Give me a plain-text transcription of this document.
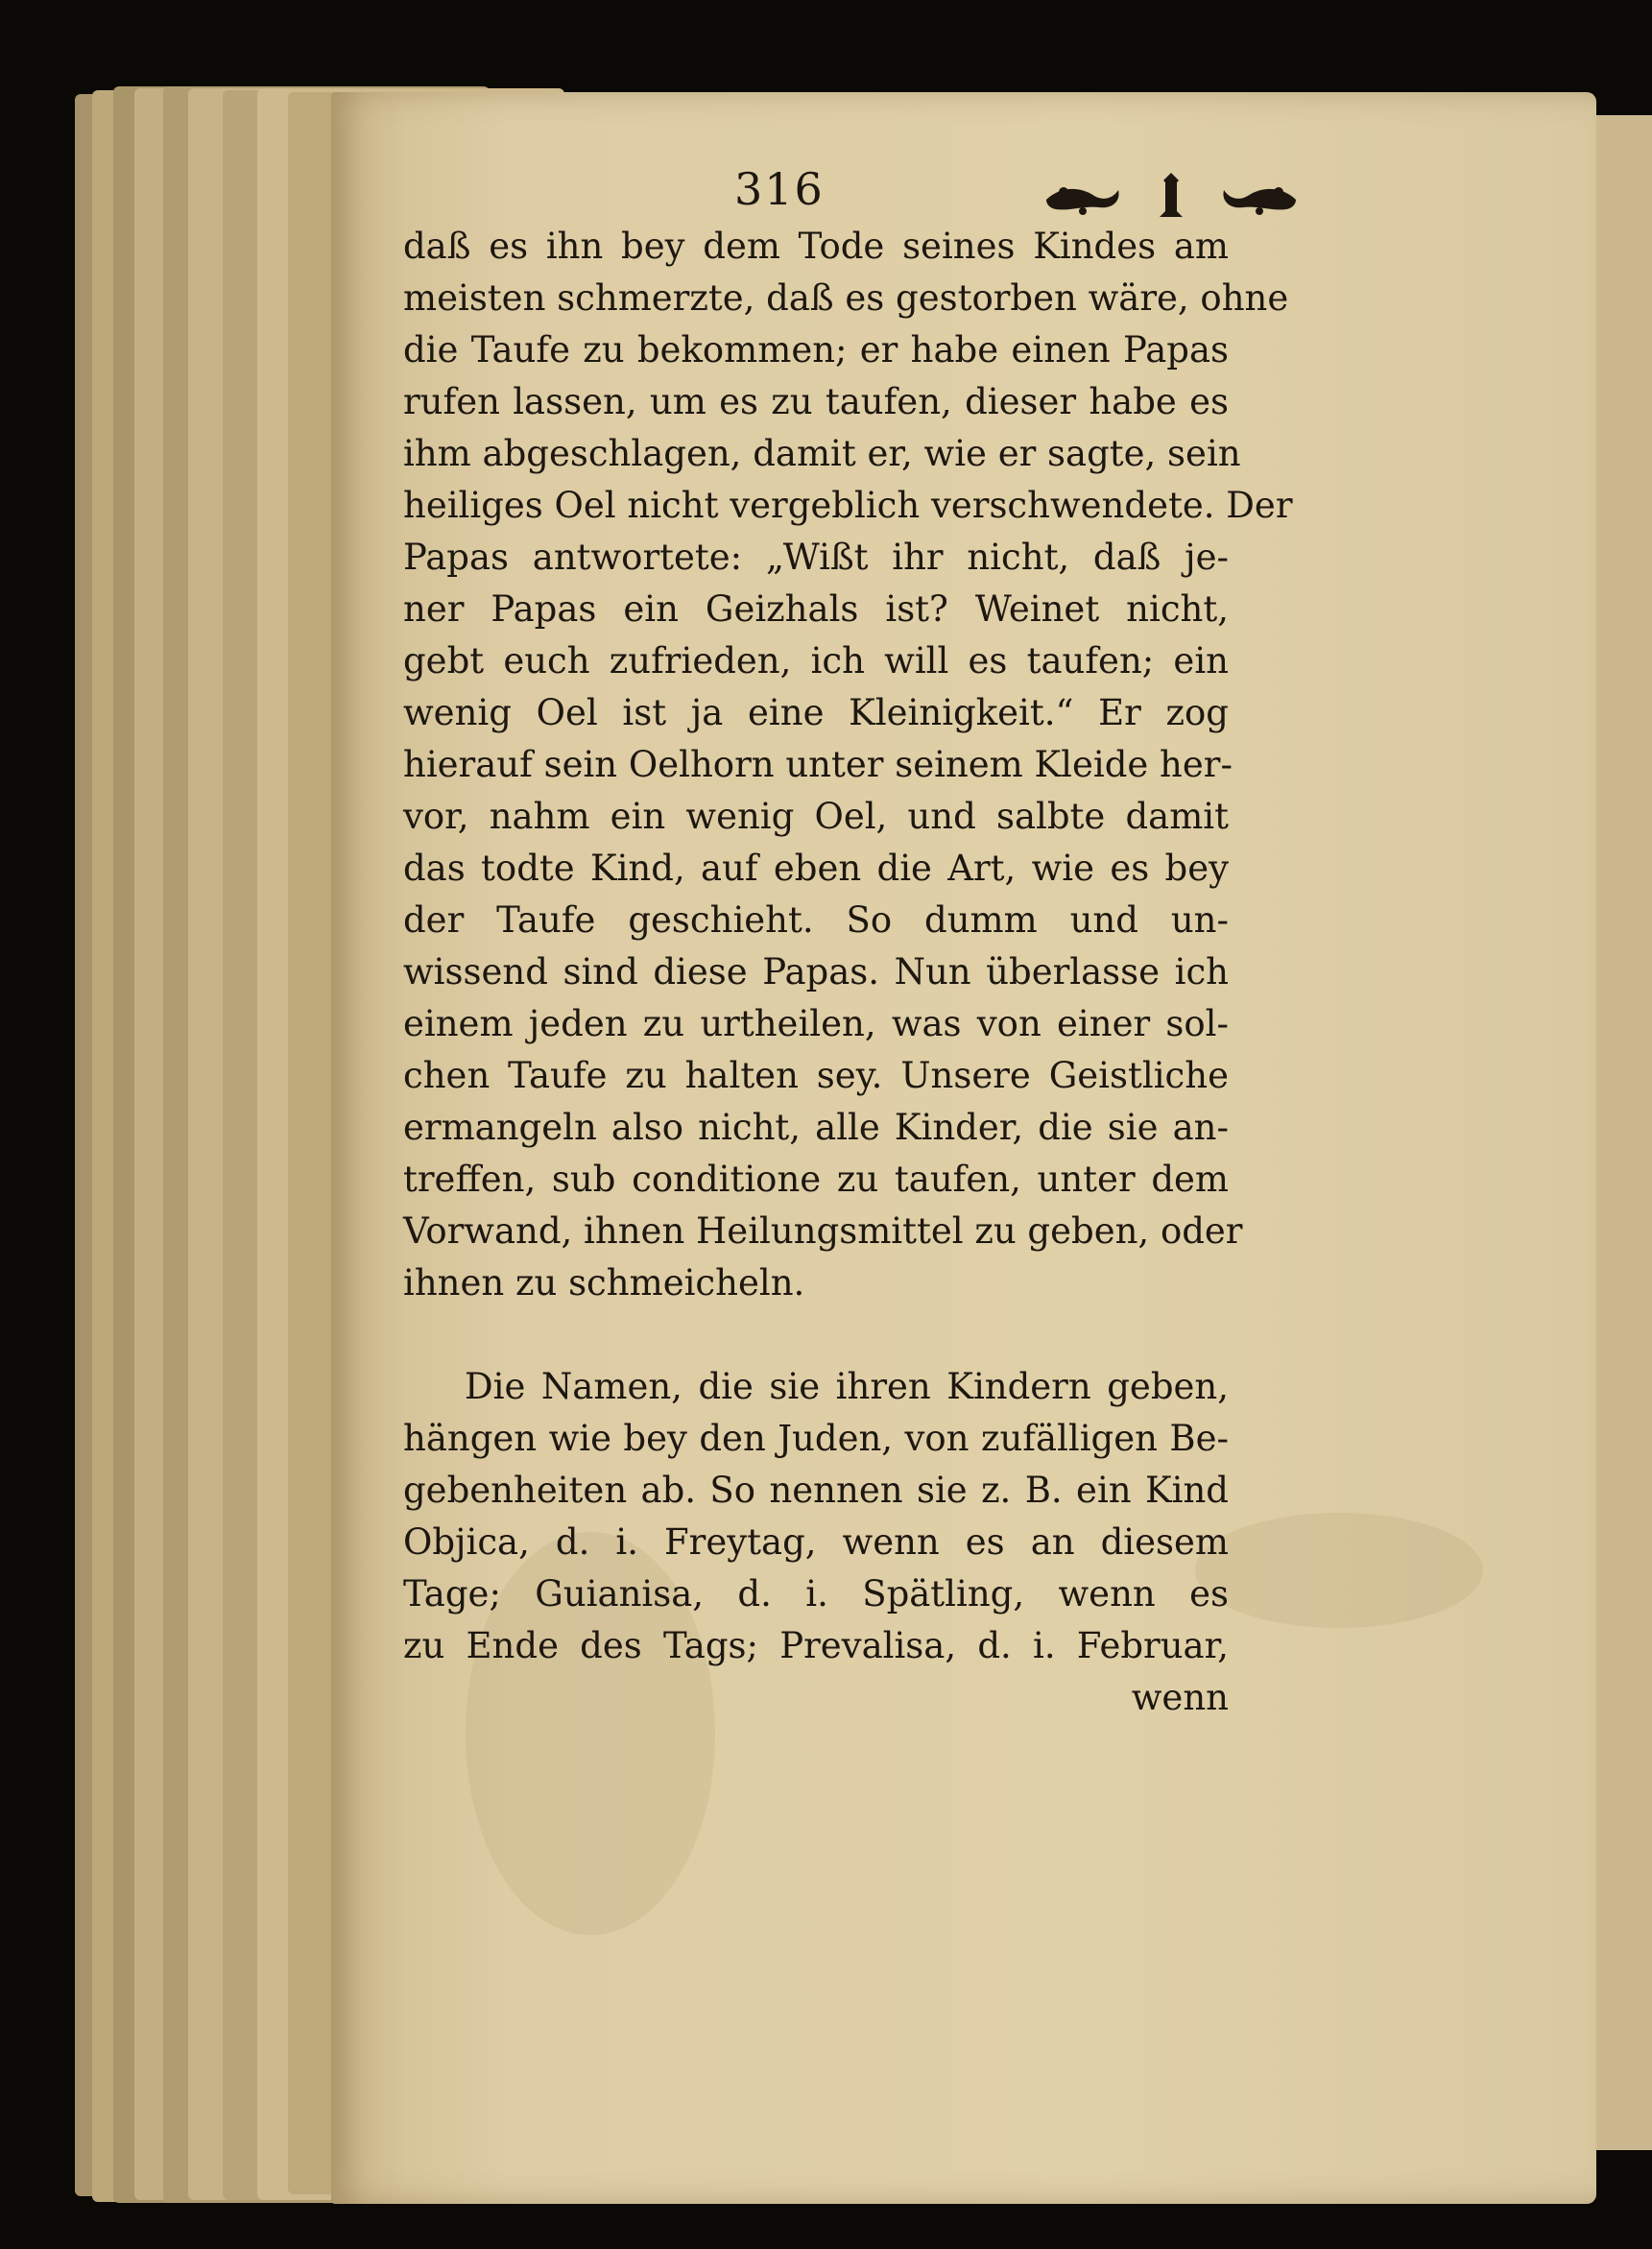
316
daß es ihn bey dem Tode seines Kindes am
meisten schmerzte, daß es gestorben wäre, ohne
die Taufe zu bekommen; er habe einen Papas
rufen lassen, um es zu taufen, dieser habe es
ihm abgeschlagen, damit er, wie er sagte, sein
heiliges Oel nicht vergeblich verschwendete. Der
Papas antwortete: „Wißt ihr nicht, daß je-
ner Papas ein Geizhals ist? Weinet nicht,
gebt euch zufrieden, ich will es taufen; ein
wenig Oel ist ja eine Kleinigkeit.“ Er zog
hierauf sein Oelhorn unter seinem Kleide her-
vor, nahm ein wenig Oel, und salbte damit
das todte Kind, auf eben die Art, wie es bey
der Taufe geschieht. So dumm und un-
wissend sind diese Papas. Nun überlasse ich
einem jeden zu urtheilen, was von einer sol-
chen Taufe zu halten sey. Unsere Geistliche
ermangeln also nicht, alle Kinder, die sie an-
treffen, sub conditione zu taufen, unter dem
Vorwand, ihnen Heilungsmittel zu geben, oder
ihnen zu schmeicheln.
Die Namen, die sie ihren Kindern geben,
hängen wie bey den Juden, von zufälligen Be-
gebenheiten ab. So nennen sie z. B. ein Kind
Objica, d. i. Freytag, wenn es an diesem
Tage; Guianisa, d. i. Spätling, wenn es
zu Ende des Tags; Prevalisa, d. i. Februar,
wenn
